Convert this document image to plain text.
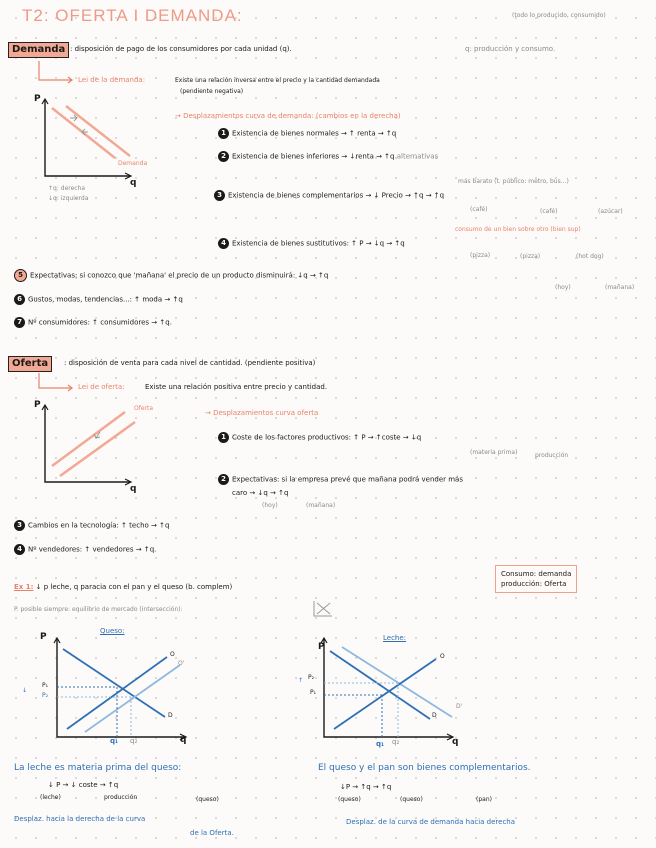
T2: OFERTA I DEMANDA:	(todo lo producido, consumido)
Demanda : disposición de pago de los consumidores por cada unidad (q).	q: producción y consumo.
Lei de la demanda:	Existe una relación inversa entre el precio y la cantidad demandada
(pendiente negativa)
P
q
Demanda
↑q: derecha
↓q: izquierda
→ Desplazamientos curva de demanda: (cambios en la derecha)
1 Existencia de bienes normales → ↑ renta → ↑q
2 Existencia de bienes inferiores → ↓renta → ↑q alternativas
más barato (t. público: metro, bus...)
3 Existencia de bienes complementarios → ↓ Precio → ↑q → ↑q
(café)	(café)	(azúcar)
consumo de un bien sobre otro (bien sup)
4 Existencia de bienes sustitutivos: ↑ P → ↓q → ↑q
(pizza)	(pizza)	(hot dog)
5 Expectativas: si conozco que 'mañana' el precio de un producto disminuirá: ↓q → ↑q
(hoy)	(mañana)
6 Gustos, modas, tendencias...: ↑ moda → ↑q
7 Nº consumidores: ↑ consumidores → ↑q.
Oferta	: disposición de venta para cada nivel de cantidad. (pendiente positiva)
Lei de oferta:	Existe una relación positiva entre precio y cantidad.
P
q
Oferta
→ Desplazamientos curva oferta
1 Coste de los factores productivos: ↑ P → ↑coste → ↓q
(materia prima)	producción
2 Expectativas: si la empresa prevé que mañana podrá vender más
caro → ↓q → ↑q
(hoy)	(mañana)
3 Cambios en la tecnología: ↑ techo → ↑q
4 Nº vendedores: ↑ vendedores → ↑q.
Consumo: demanda
producción: Oferta
Ex 1: ↓ p leche, q paracia con el pan y el queso (b. complem)
P. posible siempre: equilibrio de mercado (intersección):
Queso:
P
P₁
P₂
↓
O
O'
D
q₁ q₂	q
Leche:
P
P₂
P₁
↑
O
D
D'
q₁ q₂	q
La leche es materia prima del queso:
↓ P → ↓ coste → ↑q
(leche)	producción	(queso)
Desplaz. hacia la derecha de la curva
de la Oferta.
El queso y el pan son bienes complementarios.
↓P → ↑q → ↑q
(queso)	(queso)	(pan)
Desplaz. de la curva de demanda hacia derecha
